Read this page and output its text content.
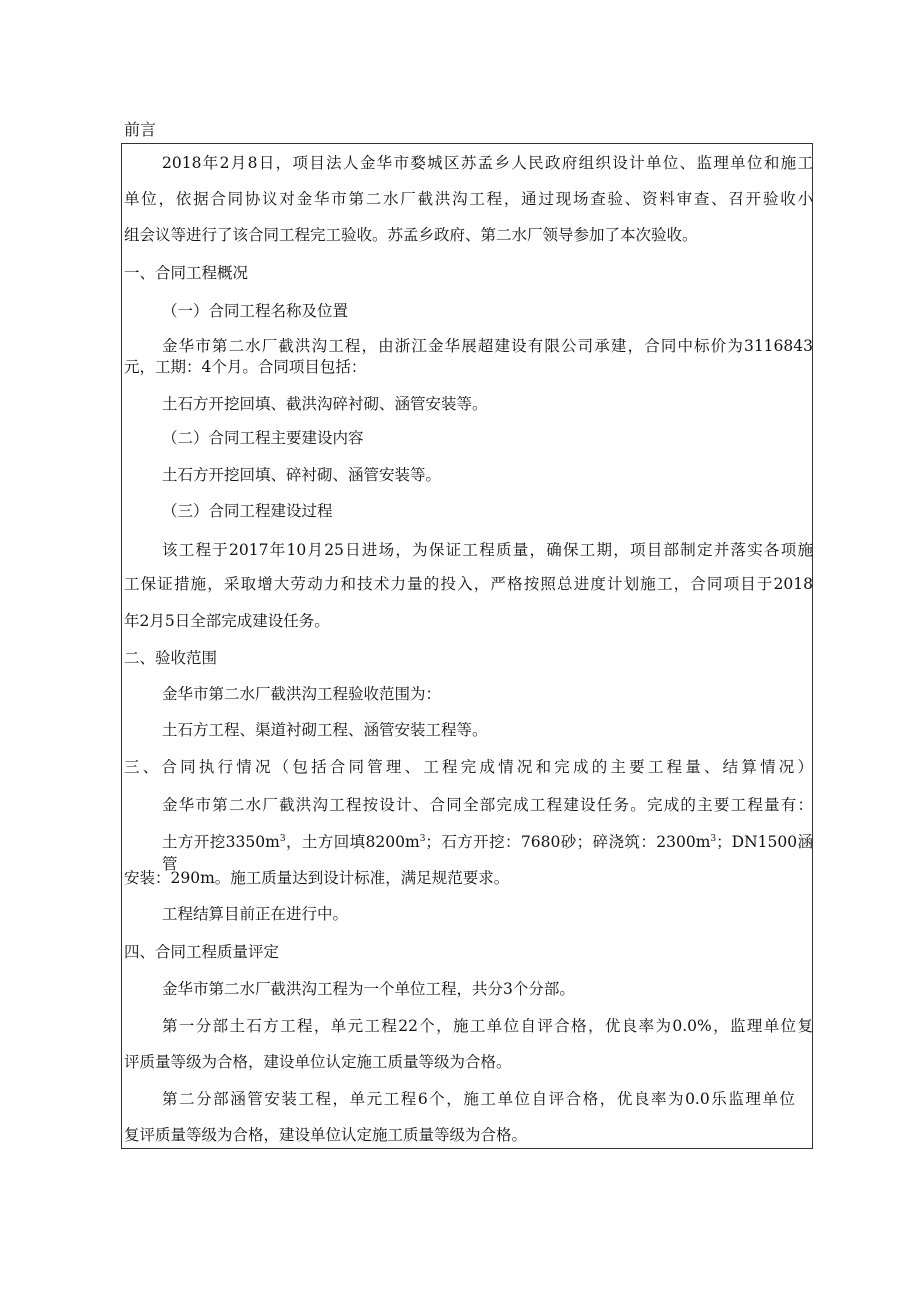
前言
2018年2月8日，项目法人金华市婺城区苏孟乡人民政府组织设计单位、监理单位和施工
单位，依据合同协议对金华市第二水厂截洪沟工程，通过现场查验、资料审查、召开验收小
组会议等进行了该合同工程完工验收。苏孟乡政府、第二水厂领导参加了本次验收。
一、合同工程概况
（一）合同工程名称及位置
金华市第二水厂截洪沟工程，由浙江金华展超建设有限公司承建，合同中标价为3116843
元，工期：4个月。合同项目包括：
土石方开挖回填、截洪沟碎衬砌、涵管安装等。
（二）合同工程主要建设内容
土石方开挖回填、碎衬砌、涵管安装等。
（三）合同工程建设过程
该工程于2017年10月25日进场，为保证工程质量，确保工期，项目部制定并落实各项施
工保证措施，采取增大劳动力和技术力量的投入，严格按照总进度计划施工，合同项目于2018
年2月5日全部完成建设任务。
二、验收范围
金华市第二水厂截洪沟工程验收范围为：
土石方工程、渠道衬砌工程、涵管安装工程等。
三、合同执行情况（包括合同管理、工程完成情况和完成的主要工程量、结算情况）
金华市第二水厂截洪沟工程按设计、合同全部完成工程建设任务。完成的主要工程量有：
土方开挖$3350m^3$，土方回填$8200m^3$；石方开挖：7680砂；碎浇筑：$2300m^3$；DN1500涵管
安装：290m。施工质量达到设计标准，满足规范要求。
工程结算目前正在进行中。
四、合同工程质量评定
金华市第二水厂截洪沟工程为一个单位工程，共分3个分部。
第一分部土石方工程，单元工程22个，施工单位自评合格，优良率为0.0%，监理单位复
评质量等级为合格，建设单位认定施工质量等级为合格。
第二分部涵管安装工程，单元工程6个，施工单位自评合格，优良率为0.0乐监理单位
复评质量等级为合格，建设单位认定施工质量等级为合格。
